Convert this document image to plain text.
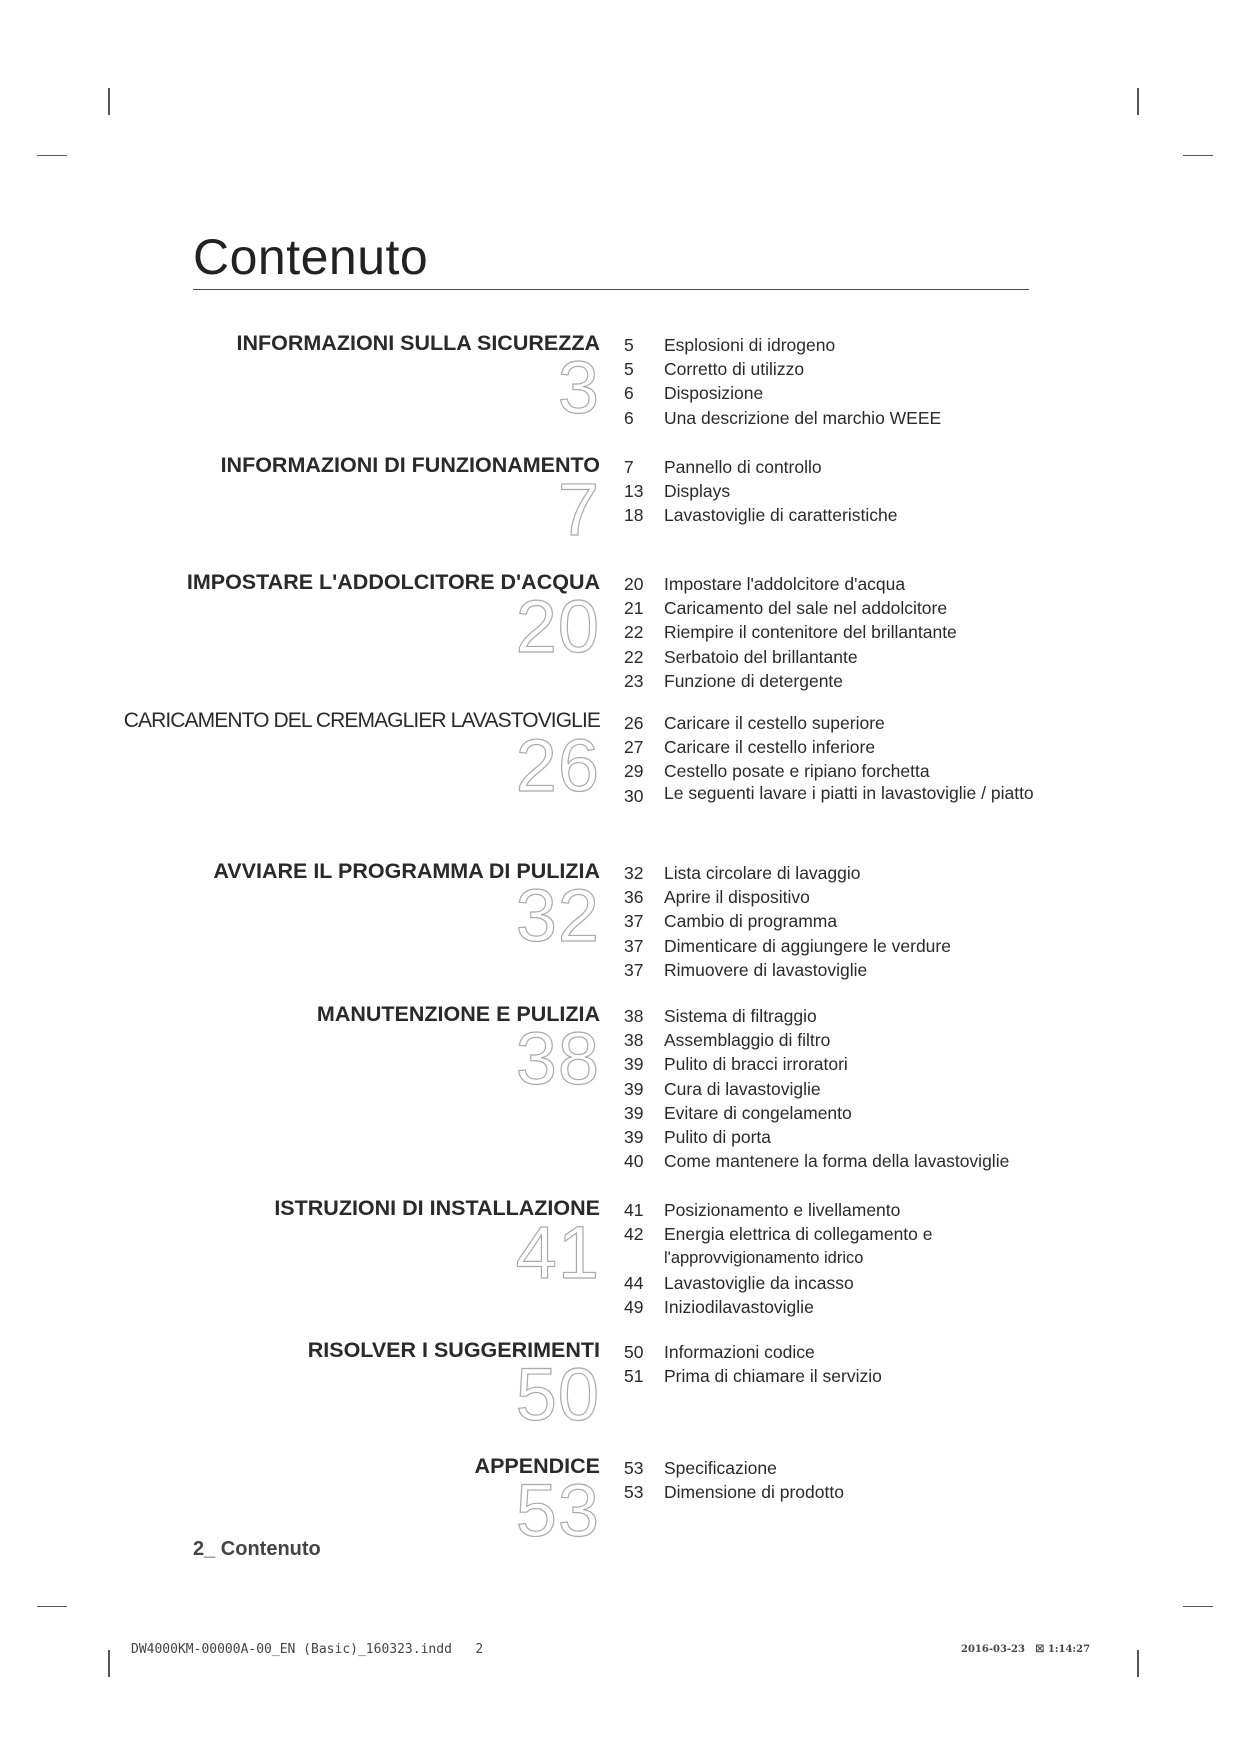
Contenuto
INFORMAZIONI SULLA SICUREZZA
3
5	Esplosioni di idrogeno
5	Corretto di utilizzo
6	Disposizione
6	Una descrizione del marchio WEEE
INFORMAZIONI DI FUNZIONAMENTO
7
7	Pannello di controllo
13	Displays
18	Lavastoviglie di caratteristiche
IMPOSTARE L'ADDOLCITORE D'ACQUA
20
20	Impostare l'addolcitore d'acqua
21	Caricamento del sale nel addolcitore
22	Riempire il contenitore del brillantante
22	Serbatoio del brillantante
23	Funzione di detergente
CARICAMENTO DEL CREMAGLIER LAVASTOVIGLIE
26
26	Caricare il cestello superiore
27	Caricare il cestello inferiore
29	Cestello posate e ripiano forchetta
30	Le seguenti lavare i piatti in lavastoviglie / piatto
AVVIARE IL PROGRAMMA DI PULIZIA
32
32	Lista circolare di lavaggio
36	Aprire il dispositivo
37	Cambio di programma
37	Dimenticare di aggiungere le verdure
37	Rimuovere di lavastoviglie
MANUTENZIONE E PULIZIA
38
38	Sistema di filtraggio
38	Assemblaggio di filtro
39	Pulito di bracci irroratori
39	Cura di lavastoviglie
39	Evitare di congelamento
39	Pulito di porta
40	Come mantenere la forma della lavastoviglie
ISTRUZIONI DI INSTALLAZIONE
41
41	Posizionamento e livellamento
42	Energia elettrica di collegamento e
l'approvvigionamento idrico
44	Lavastoviglie da incasso
49	Iniziodilavastoviglie
RISOLVER I SUGGERIMENTI
50
50	Informazioni codice
51	Prima di chiamare il servizio
APPENDICE
53
53	Specificazione
53	Dimensione di prodotto
2_ Contenuto
DW4000KM-00000A-00_EN (Basic)_160323.indd   2	2016-03-23   ☒ 1:14:27
